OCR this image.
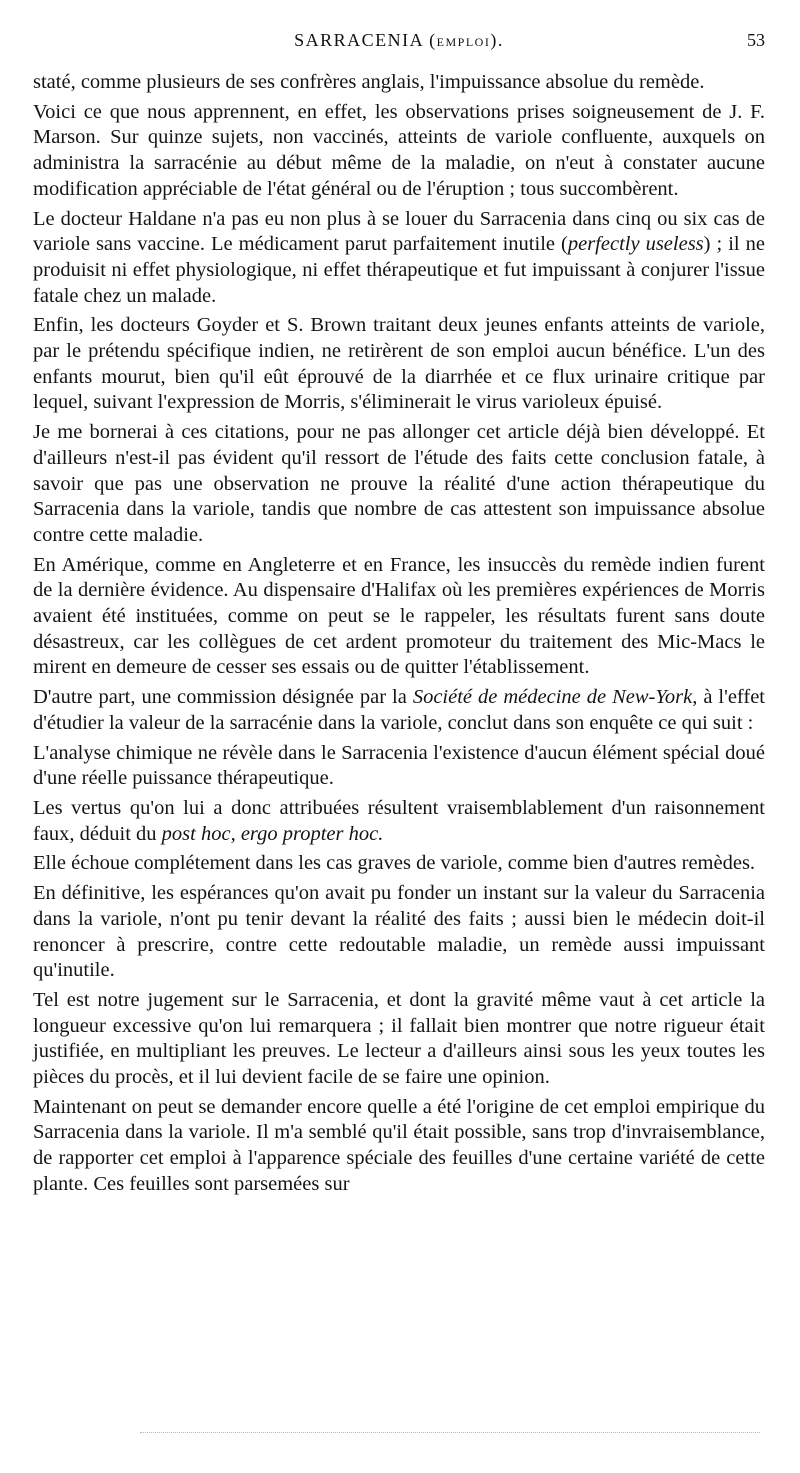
SARRACENIA (EMPLOI).	53

staté, comme plusieurs de ses confrères anglais, l'impuissance absolue du remède.

Voici ce que nous apprennent, en effet, les observations prises soigneusement de J. F. Marson. Sur quinze sujets, non vaccinés, atteints de variole confluente, auxquels on administra la sarracénie au début même de la maladie, on n'eut à constater aucune modification appréciable de l'état général ou de l'éruption ; tous succombèrent.

Le docteur Haldane n'a pas eu non plus à se louer du Sarracenia dans cinq ou six cas de variole sans vaccine. Le médicament parut parfaitement inutile (perfectly useless) ; il ne produisit ni effet physiologique, ni effet thérapeutique et fut impuissant à conjurer l'issue fatale chez un malade.

Enfin, les docteurs Goyder et S. Brown traitant deux jeunes enfants atteints de variole, par le prétendu spécifique indien, ne retirèrent de son emploi aucun bénéfice. L'un des enfants mourut, bien qu'il eût éprouvé de la diarrhée et ce flux urinaire critique par lequel, suivant l'expression de Morris, s'éliminerait le virus varioleux épuisé.

Je me bornerai à ces citations, pour ne pas allonger cet article déjà bien développé. Et d'ailleurs n'est-il pas évident qu'il ressort de l'étude des faits cette conclusion fatale, à savoir que pas une observation ne prouve la réalité d'une action thérapeutique du Sarracenia dans la variole, tandis que nombre de cas attestent son impuissance absolue contre cette maladie.

En Amérique, comme en Angleterre et en France, les insuccès du remède indien furent de la dernière évidence. Au dispensaire d'Halifax où les premières expériences de Morris avaient été instituées, comme on peut se le rappeler, les résultats furent sans doute désastreux, car les collègues de cet ardent promoteur du traitement des Mic-Macs le mirent en demeure de cesser ses essais ou de quitter l'établissement.

D'autre part, une commission désignée par la Société de médecine de New-York, à l'effet d'étudier la valeur de la sarracénie dans la variole, conclut dans son enquête ce qui suit :

L'analyse chimique ne révèle dans le Sarracenia l'existence d'aucun élément spécial doué d'une réelle puissance thérapeutique.

Les vertus qu'on lui a donc attribuées résultent vraisemblablement d'un raisonnement faux, déduit du post hoc, ergo propter hoc.

Elle échoue complétement dans les cas graves de variole, comme bien d'autres remèdes.

En définitive, les espérances qu'on avait pu fonder un instant sur la valeur du Sarracenia dans la variole, n'ont pu tenir devant la réalité des faits ; aussi bien le médecin doit-il renoncer à prescrire, contre cette redoutable maladie, un remède aussi impuissant qu'inutile.

Tel est notre jugement sur le Sarracenia, et dont la gravité même vaut à cet article la longueur excessive qu'on lui remarquera ; il fallait bien montrer que notre rigueur était justifiée, en multipliant les preuves. Le lecteur a d'ailleurs ainsi sous les yeux toutes les pièces du procès, et il lui devient facile de se faire une opinion.

Maintenant on peut se demander encore quelle a été l'origine de cet emploi empirique du Sarracenia dans la variole. Il m'a semblé qu'il était possible, sans trop d'invraisemblance, de rapporter cet emploi à l'apparence spéciale des feuilles d'une certaine variété de cette plante. Ces feuilles sont parsemées sur
